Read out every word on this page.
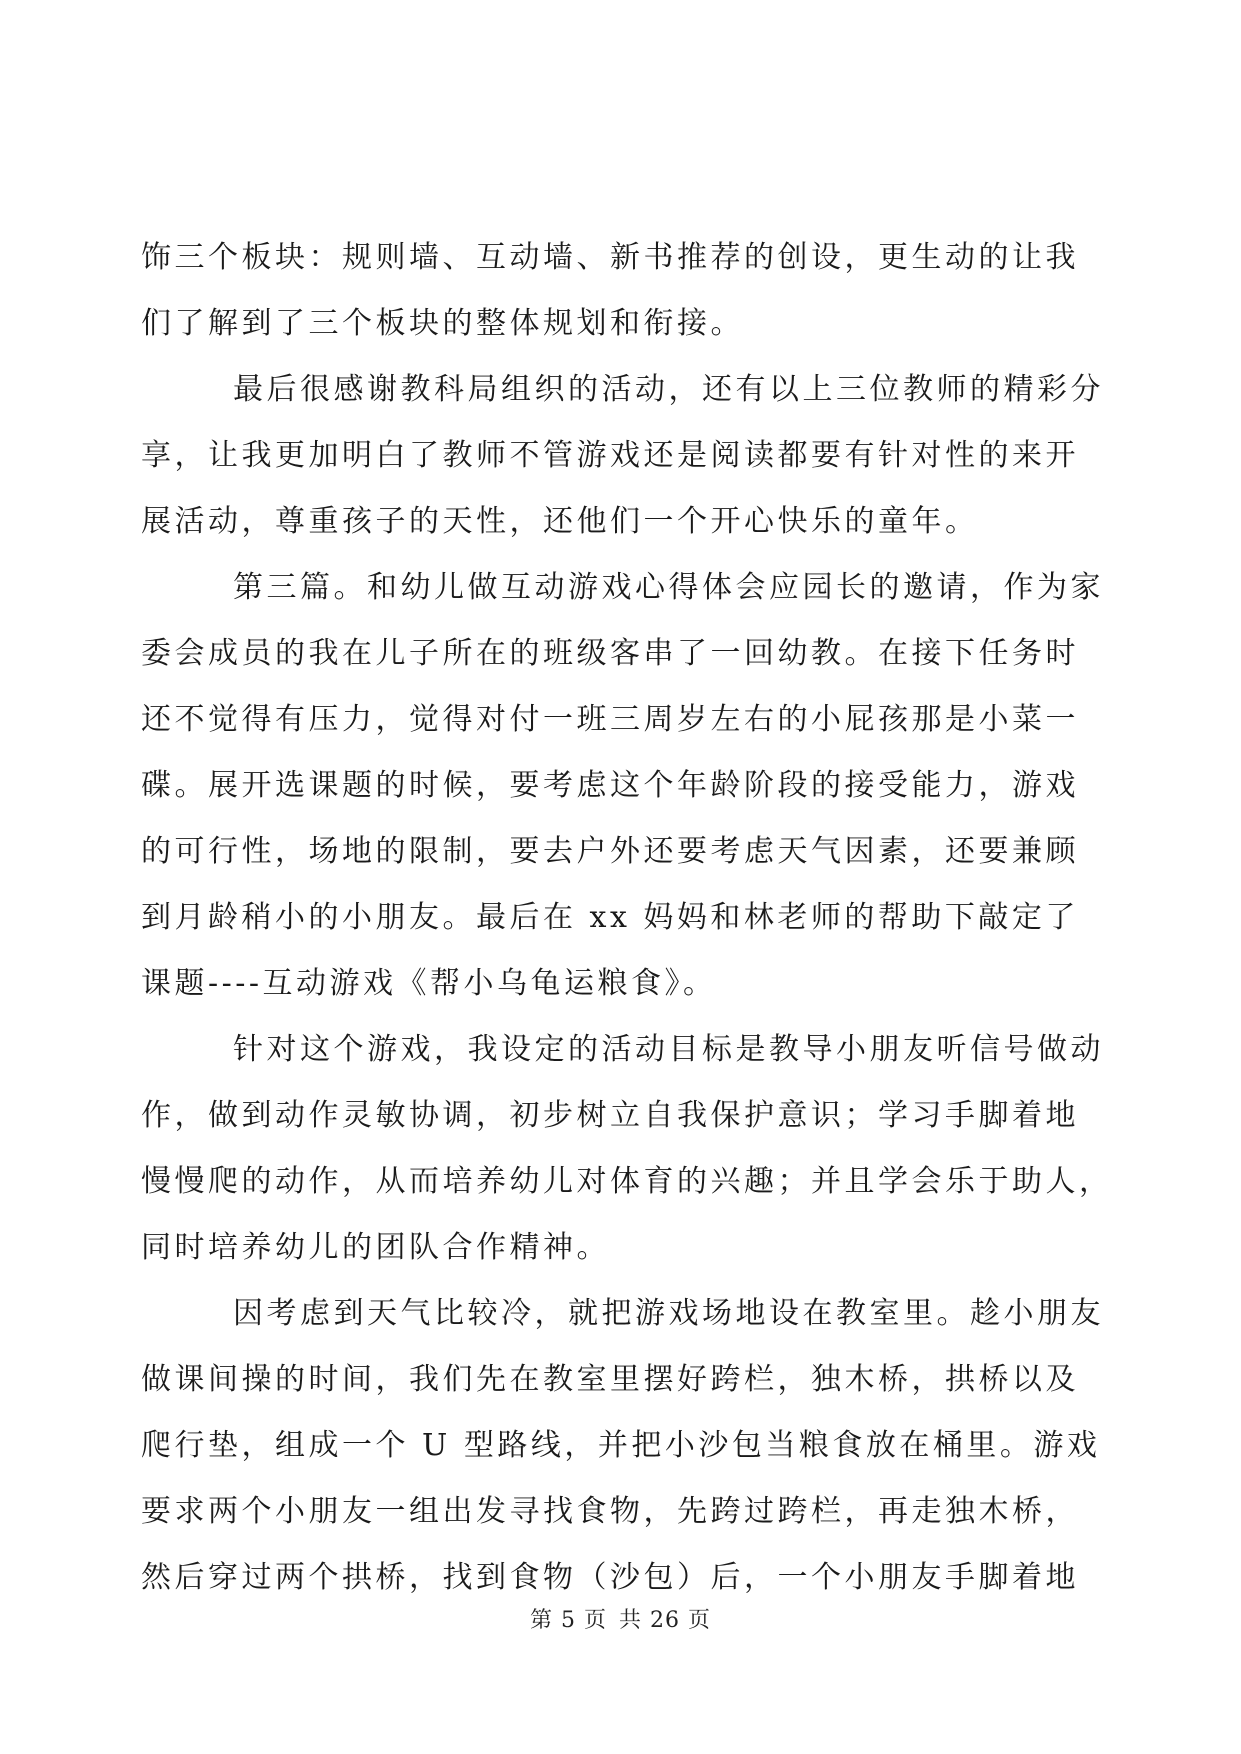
饰三个板块：规则墙、互动墙、新书推荐的创设，更生动的让我
们了解到了三个板块的整体规划和衔接。
最后很感谢教科局组织的活动，还有以上三位教师的精彩分
享，让我更加明白了教师不管游戏还是阅读都要有针对性的来开
展活动，尊重孩子的天性，还他们一个开心快乐的童年。
第三篇。和幼儿做互动游戏心得体会应园长的邀请，作为家
委会成员的我在儿子所在的班级客串了一回幼教。在接下任务时
还不觉得有压力，觉得对付一班三周岁左右的小屁孩那是小菜一
碟。展开选课题的时候，要考虑这个年龄阶段的接受能力，游戏
的可行性，场地的限制，要去户外还要考虑天气因素，还要兼顾
到月龄稍小的小朋友。最后在 xx 妈妈和林老师的帮助下敲定了
课题----互动游戏《帮小乌龟运粮食》。
针对这个游戏，我设定的活动目标是教导小朋友听信号做动
作，做到动作灵敏协调，初步树立自我保护意识；学习手脚着地
慢慢爬的动作，从而培养幼儿对体育的兴趣；并且学会乐于助人，
同时培养幼儿的团队合作精神。
因考虑到天气比较冷，就把游戏场地设在教室里。趁小朋友
做课间操的时间，我们先在教室里摆好跨栏，独木桥，拱桥以及
爬行垫，组成一个 U 型路线，并把小沙包当粮食放在桶里。游戏
要求两个小朋友一组出发寻找食物，先跨过跨栏，再走独木桥，
然后穿过两个拱桥，找到食物（沙包）后，一个小朋友手脚着地
第 5 页 共 26 页
